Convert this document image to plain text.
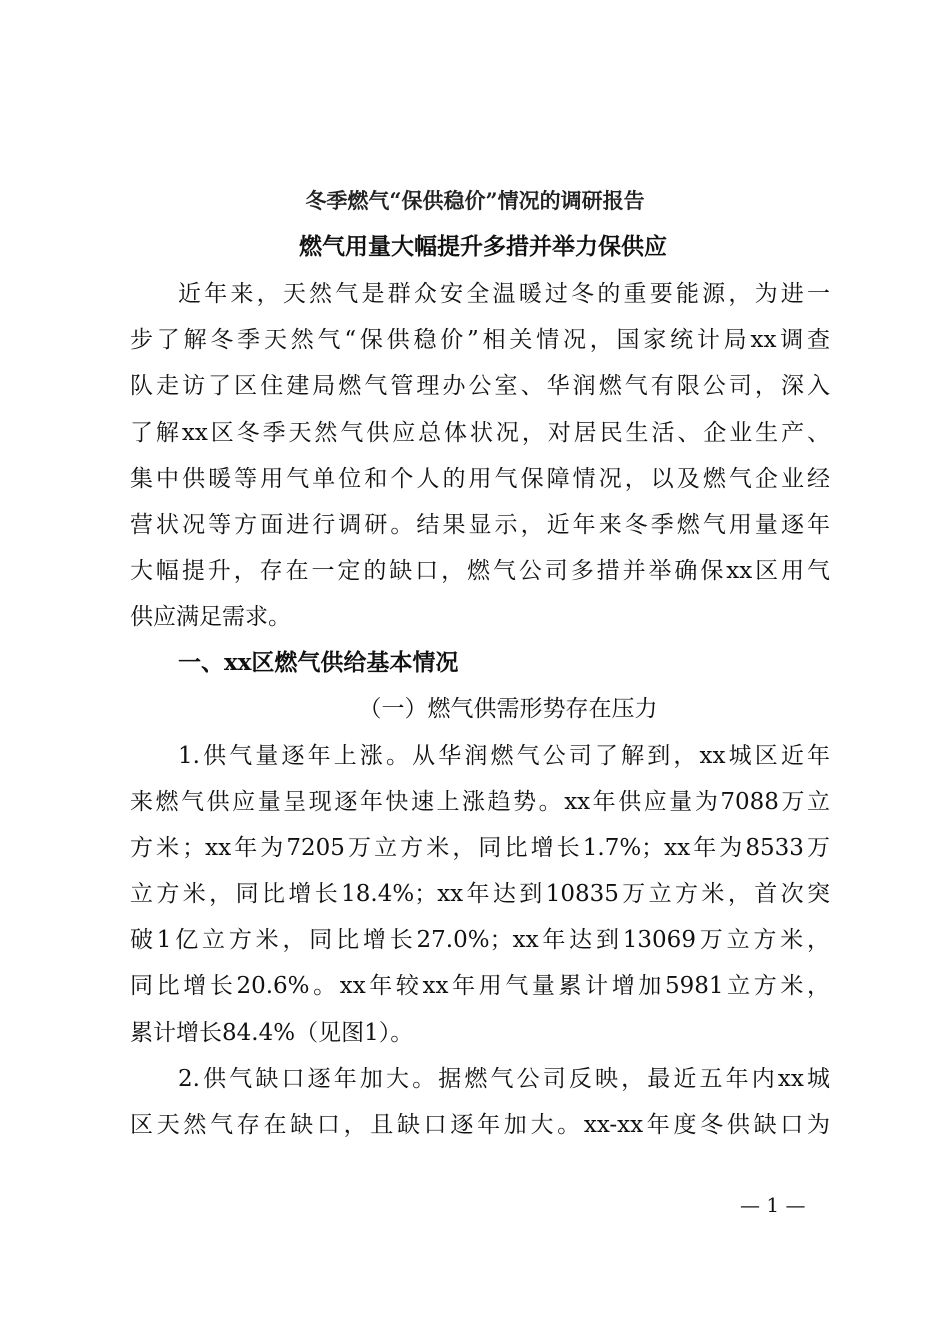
冬季燃气“保供稳价”情况的调研报告
燃气用量大幅提升多措并举力保供应
近年来，天然气是群众安全温暖过冬的重要能源，为进一
步了解冬季天然气“保供稳价”相关情况，国家统计局xx调查
队走访了区住建局燃气管理办公室、华润燃气有限公司，深入
了解xx区冬季天然气供应总体状况，对居民生活、企业生产、
集中供暖等用气单位和个人的用气保障情况，以及燃气企业经
营状况等方面进行调研。结果显示，近年来冬季燃气用量逐年
大幅提升，存在一定的缺口，燃气公司多措并举确保xx区用气
供应满足需求。
一、xx区燃气供给基本情况
（一）燃气供需形势存在压力
1.供气量逐年上涨。从华润燃气公司了解到，xx城区近年
来燃气供应量呈现逐年快速上涨趋势。xx年供应量为7088万立
方米；xx年为7205万立方米，同比增长1.7%；xx年为8533万
立方米，同比增长18.4%；xx年达到10835万立方米，首次突
破1亿立方米，同比增长27.0%；xx年达到13069万立方米，
同比增长20.6%。xx年较xx年用气量累计增加5981立方米，
累计增长84.4%（见图1）。
2.供气缺口逐年加大。据燃气公司反映，最近五年内xx城
区天然气存在缺口，且缺口逐年加大。xx-xx年度冬供缺口为
— 1 —
